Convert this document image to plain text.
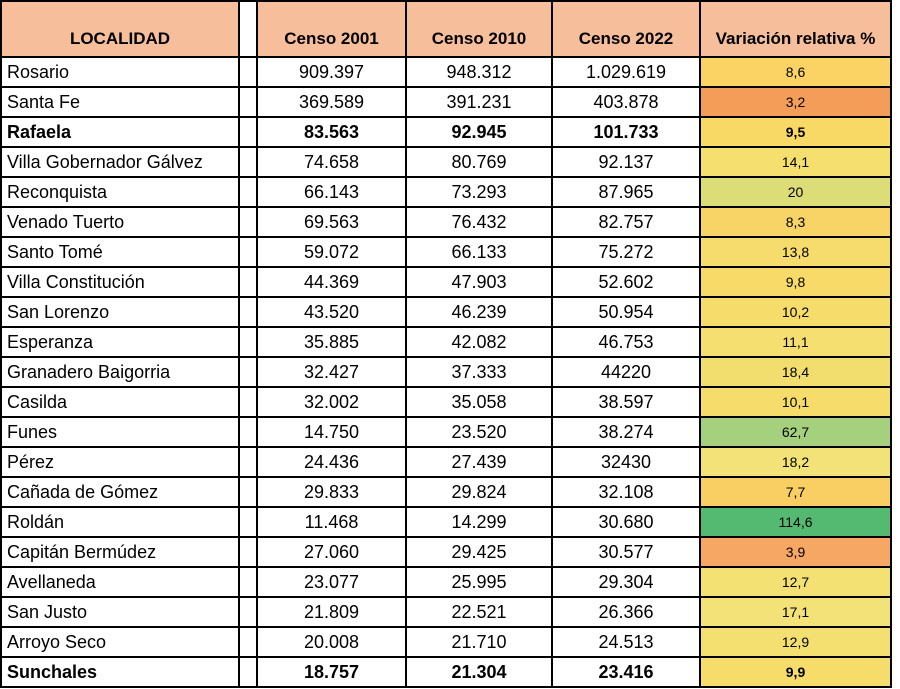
LOCALIDAD	Censo 2001	Censo 2010	Censo 2022	Variación relativa %
Rosario	909.397	948.312	1.029.619	8,6
Santa Fe	369.589	391.231	403.878	3,2
Rafaela	83.563	92.945	101.733	9,5
Villa Gobernador Gálvez	74.658	80.769	92.137	14,1
Reconquista	66.143	73.293	87.965	20
Venado Tuerto	69.563	76.432	82.757	8,3
Santo Tomé	59.072	66.133	75.272	13,8
Villa Constitución	44.369	47.903	52.602	9,8
San Lorenzo	43.520	46.239	50.954	10,2
Esperanza	35.885	42.082	46.753	11,1
Granadero Baigorria	32.427	37.333	44220	18,4
Casilda	32.002	35.058	38.597	10,1
Funes	14.750	23.520	38.274	62,7
Pérez	24.436	27.439	32430	18,2
Cañada de Gómez	29.833	29.824	32.108	7,7
Roldán	11.468	14.299	30.680	114,6
Capitán Bermúdez	27.060	29.425	30.577	3,9
Avellaneda	23.077	25.995	29.304	12,7
San Justo	21.809	22.521	26.366	17,1
Arroyo Seco	20.008	21.710	24.513	12,9
Sunchales	18.757	21.304	23.416	9,9
